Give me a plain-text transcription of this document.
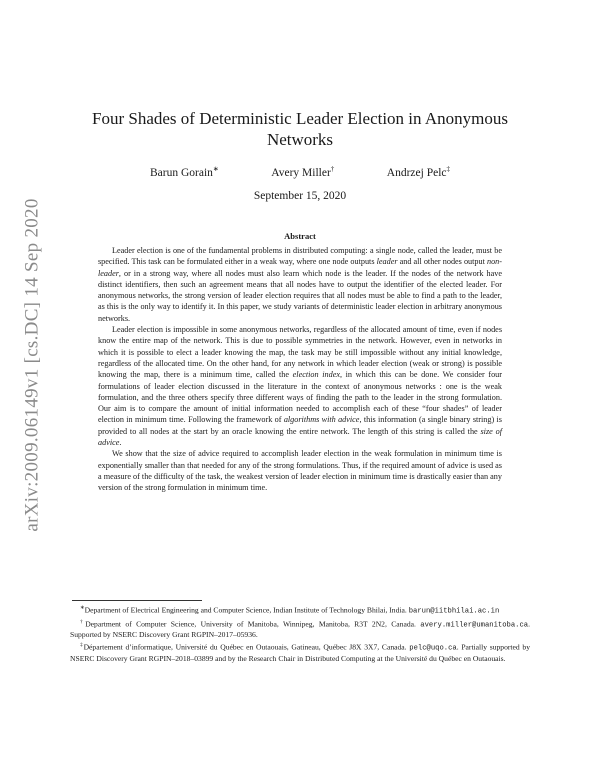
arXiv:2009.06149v1 [cs.DC] 14 Sep 2020
Four Shades of Deterministic Leader Election in Anonymous Networks
Barun Gorain∗	Avery Miller†	Andrzej Pelc‡
September 15, 2020
Abstract

Leader election is one of the fundamental problems in distributed computing: a single node, called the leader, must be specified. This task can be formulated either in a weak way, where one node outputs leader and all other nodes output non-leader, or in a strong way, where all nodes must also learn which node is the leader. If the nodes of the network have distinct identifiers, then such an agreement means that all nodes have to output the identifier of the elected leader. For anonymous networks, the strong version of leader election requires that all nodes must be able to find a path to the leader, as this is the only way to identify it. In this paper, we study variants of deterministic leader election in arbitrary anonymous networks.

Leader election is impossible in some anonymous networks, regardless of the allocated amount of time, even if nodes know the entire map of the network. This is due to possible symmetries in the network. However, even in networks in which it is possible to elect a leader knowing the map, the task may be still impossible without any initial knowledge, regardless of the allocated time. On the other hand, for any network in which leader election (weak or strong) is possible knowing the map, there is a minimum time, called the election index, in which this can be done. We consider four formulations of leader election discussed in the literature in the context of anonymous networks : one is the weak formulation, and the three others specify three different ways of finding the path to the leader in the strong formulation. Our aim is to compare the amount of initial information needed to accomplish each of these “four shades” of leader election in minimum time. Following the framework of algorithms with advice, this information (a single binary string) is provided to all nodes at the start by an oracle knowing the entire network. The length of this string is called the size of advice.

We show that the size of advice required to accomplish leader election in the weak formulation in minimum time is exponentially smaller than that needed for any of the strong formulations. Thus, if the required amount of advice is used as a measure of the difficulty of the task, the weakest version of leader election in minimum time is drastically easier than any version of the strong formulation in minimum time.

∗Department of Electrical Engineering and Computer Science, Indian Institute of Technology Bhilai, India. barun@iitbhilai.ac.in

†Department of Computer Science, University of Manitoba, Winnipeg, Manitoba, R3T 2N2, Canada. avery.miller@umanitoba.ca. Supported by NSERC Discovery Grant RGPIN–2017–05936.

‡Département d’informatique, Université du Québec en Outaouais, Gatineau, Québec J8X 3X7, Canada. pelc@uqo.ca. Partially supported by NSERC Discovery Grant RGPIN–2018–03899 and by the Research Chair in Distributed Computing at the Université du Québec en Outaouais.
